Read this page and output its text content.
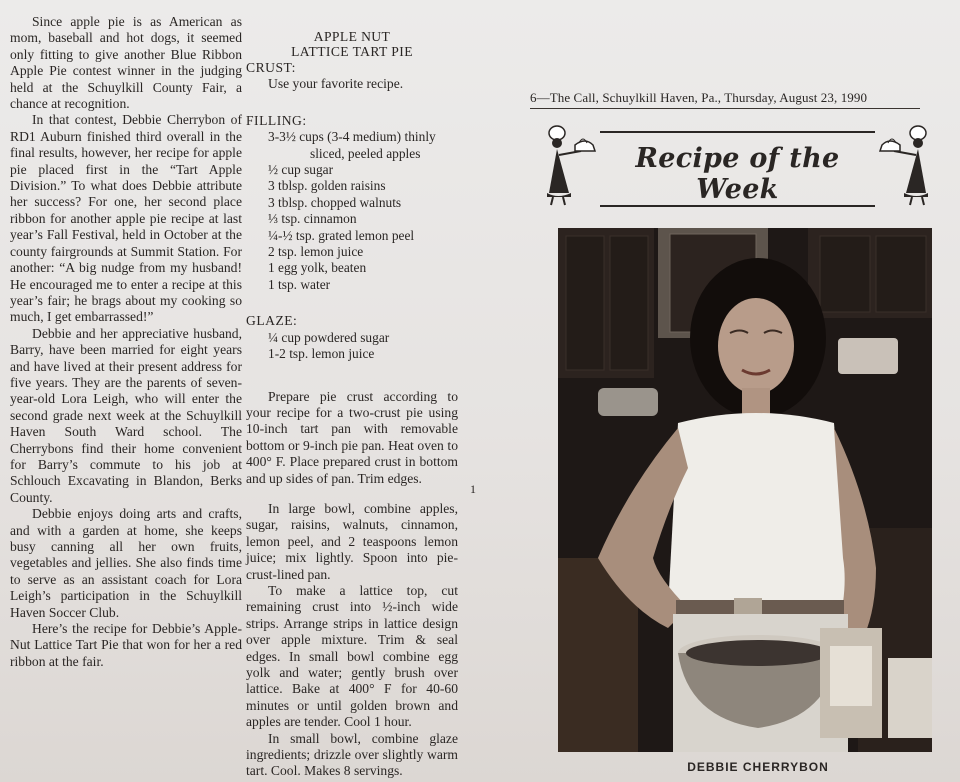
Since apple pie is as American as mom, baseball and hot dogs, it seemed only fitting to give another Blue Ribbon Apple Pie contest winner in the judging held at the Schuylkill County Fair, a chance at recognition.

In that contest, Debbie Cherrybon of RD1 Auburn finished third overall in the final results, however, her recipe for apple pie placed first in the “Tart Apple Division.” To what does Debbie attribute her success? For one, her second place ribbon for another apple pie recipe at last year’s Fall Festival, held in October at the county fairgrounds at Summit Station. For another: “A big nudge from my husband! He encouraged me to enter a recipe at this year’s fair; he brags about my cooking so much, I get embarrassed!”

Debbie and her appreciative husband, Barry, have been married for eight years and have lived at their present address for five years. They are the parents of seven-year-old Lora Leigh, who will enter the second grade next week at the Schuylkill Haven South Ward school. The Cherrybons find their home convenient for Barry’s commute to his job at Schlouch Excavating in Blandon, Berks County.

Debbie enjoys doing arts and crafts, and with a garden at home, she keeps busy canning all her own fruits, vegetables and jellies. She also finds time to serve as an assistant coach for Lora Leigh’s participation in the Schuylkill Haven Soccer Club.

Here’s the recipe for Debbie’s Apple-Nut Lattice Tart Pie that won for her a red ribbon at the fair.

APPLE NUT
LATTICE TART PIE
CRUST:
Use your favorite recipe.
FILLING:
3-3½ cups (3-4 medium) thinly
sliced, peeled apples
½ cup sugar
3 tblsp. golden raisins
3 tblsp. chopped walnuts
⅓ tsp. cinnamon
¼-½ tsp. grated lemon peel
2 tsp. lemon juice
1 egg yolk, beaten
1 tsp. water
GLAZE:
¼ cup powdered sugar
1-2 tsp. lemon juice

Prepare pie crust according to your recipe for a two-crust pie using 10-inch tart pan with removable bottom or 9-inch pie pan. Heat oven to 400° F. Place prepared crust in bottom and up sides of pan. Trim edges.

In large bowl, combine apples, sugar, raisins, walnuts, cinnamon, lemon peel, and 2 teaspoons lemon juice; mix lightly. Spoon into pie-crust-lined pan.

To make a lattice top, cut remaining crust into ½-inch wide strips. Arrange strips in lattice design over apple mixture. Trim & seal edges. In small bowl combine egg yolk and water; gently brush over lattice. Bake at 400° F for 40-60 minutes or until golden brown and apples are tender. Cool 1 hour.

In small bowl, combine glaze ingredients; drizzle over slightly warm tart. Cool. Makes 8 servings.

1
6—The Call, Schuylkill Haven, Pa., Thursday, August 23, 1990
Recipe of the Week
DEBBIE CHERRYBON
